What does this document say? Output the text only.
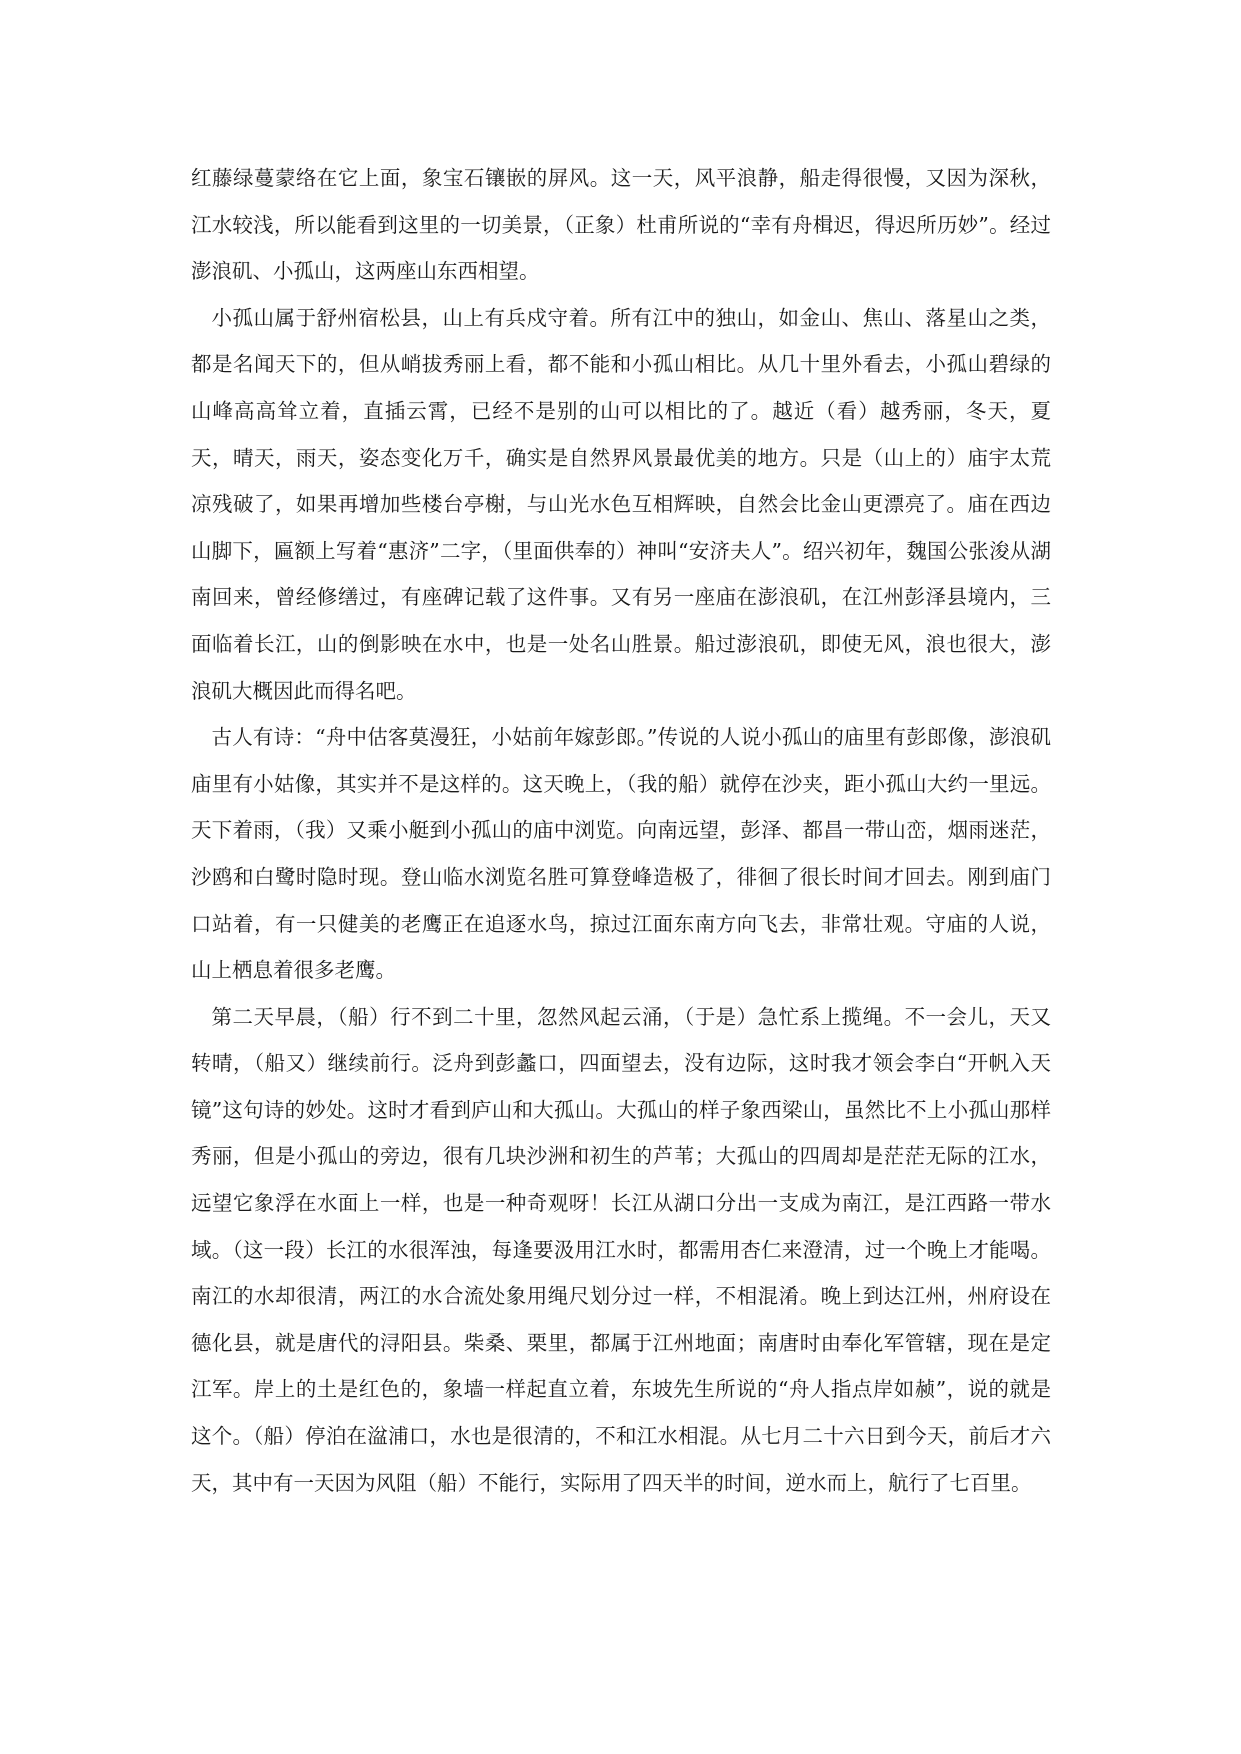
红藤绿蔓蒙络在它上面，象宝石镶嵌的屏风。这一天，风平浪静，船走得很慢，又因为深秋，江水较浅，所以能看到这里的一切美景，（正象）杜甫所说的“幸有舟楫迟，得迟所历妙”。经过澎浪矶、小孤山，这两座山东西相望。

小孤山属于舒州宿松县，山上有兵戍守着。所有江中的独山，如金山、焦山、落星山之类，都是名闻天下的，但从峭拔秀丽上看，都不能和小孤山相比。从几十里外看去，小孤山碧绿的山峰高高耸立着，直插云霄，已经不是别的山可以相比的了。越近（看）越秀丽，冬天，夏天，晴天，雨天，姿态变化万千，确实是自然界风景最优美的地方。只是（山上的）庙宇太荒凉残破了，如果再增加些楼台亭榭，与山光水色互相辉映，自然会比金山更漂亮了。庙在西边山脚下，匾额上写着“惠济”二字，（里面供奉的）神叫“安济夫人”。绍兴初年，魏国公张浚从湖南回来，曾经修缮过，有座碑记载了这件事。又有另一座庙在澎浪矶，在江州彭泽县境内，三面临着长江，山的倒影映在水中，也是一处名山胜景。船过澎浪矶，即使无风，浪也很大，澎浪矶大概因此而得名吧。

古人有诗：“舟中估客莫漫狂，小姑前年嫁彭郎。”传说的人说小孤山的庙里有彭郎像，澎浪矶庙里有小姑像，其实并不是这样的。这天晚上，（我的船）就停在沙夹，距小孤山大约一里远。天下着雨，（我）又乘小艇到小孤山的庙中浏览。向南远望，彭泽、都昌一带山峦，烟雨迷茫，沙鸥和白鹭时隐时现。登山临水浏览名胜可算登峰造极了，徘徊了很长时间才回去。刚到庙门口站着，有一只健美的老鹰正在追逐水鸟，掠过江面东南方向飞去，非常壮观。守庙的人说，山上栖息着很多老鹰。

第二天早晨，（船）行不到二十里，忽然风起云涌，（于是）急忙系上揽绳。不一会儿，天又转晴，（船又）继续前行。泛舟到彭蠡口，四面望去，没有边际，这时我才领会李白“开帆入天镜”这句诗的妙处。这时才看到庐山和大孤山。大孤山的样子象西梁山，虽然比不上小孤山那样秀丽，但是小孤山的旁边，很有几块沙洲和初生的芦苇；大孤山的四周却是茫茫无际的江水，远望它象浮在水面上一样，也是一种奇观呀！长江从湖口分出一支成为南江，是江西路一带水域。（这一段）长江的水很浑浊，每逢要汲用江水时，都需用杏仁来澄清，过一个晚上才能喝。南江的水却很清，两江的水合流处象用绳尺划分过一样，不相混淆。晚上到达江州，州府设在德化县，就是唐代的浔阳县。柴桑、栗里，都属于江州地面；南唐时由奉化军管辖，现在是定江军。岸上的土是红色的，象墙一样起直立着，东坡先生所说的“舟人指点岸如赪”，说的就是这个。（船）停泊在湓浦口，水也是很清的，不和江水相混。从七月二十六日到今天，前后才六天，其中有一天因为风阻（船）不能行，实际用了四天半的时间，逆水而上，航行了七百里。
